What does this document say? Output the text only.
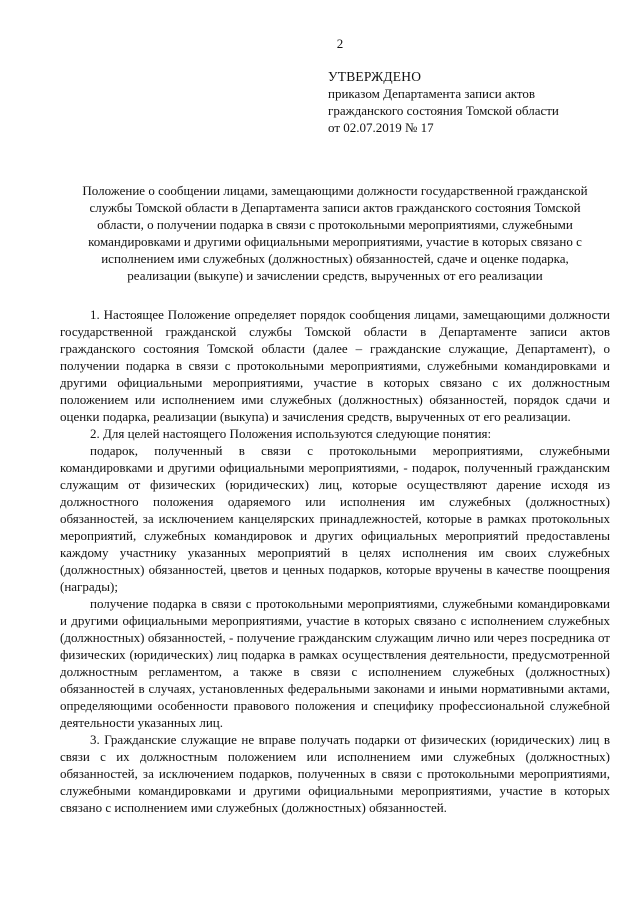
2
УТВЕРЖДЕНО
приказом Департамента записи актов
гражданского состояния Томской области
от 02.07.2019 № 17
Положение о сообщении лицами, замещающими должности государственной гражданской
службы Томской области в Департамента записи актов гражданского состояния Томской
области, о получении подарка в связи с протокольными мероприятиями, служебными
командировками и другими официальными мероприятиями, участие в которых связано с
исполнением ими служебных (должностных) обязанностей, сдаче и оценке подарка,
реализации (выкупе) и зачислении средств, вырученных от его реализации

1. Настоящее Положение определяет порядок сообщения лицами, замещающими должности государственной гражданской службы Томской области в Департаменте записи актов гражданского состояния Томской области (далее – гражданские служащие, Департамент), о получении подарка в связи с протокольными мероприятиями, служебными командировками и другими официальными мероприятиями, участие в которых связано с их должностным положением или исполнением ими служебных (должностных) обязанностей, порядок сдачи и оценки подарка, реализации (выкупа) и зачисления средств, вырученных от его реализации.

2. Для целей настоящего Положения используются следующие понятия:

подарок, полученный в связи с протокольными мероприятиями, служебными командировками и другими официальными мероприятиями, - подарок, полученный гражданским служащим от физических (юридических) лиц, которые осуществляют дарение исходя из должностного положения одаряемого или исполнения им служебных (должностных) обязанностей, за исключением канцелярских принадлежностей, которые в рамках протокольных мероприятий, служебных командировок и других официальных мероприятий предоставлены каждому участнику указанных мероприятий в целях исполнения им своих служебных (должностных) обязанностей, цветов и ценных подарков, которые вручены в качестве поощрения (награды);

получение подарка в связи с протокольными мероприятиями, служебными командировками и другими официальными мероприятиями, участие в которых связано с исполнением служебных (должностных) обязанностей, - получение гражданским служащим лично или через посредника от физических (юридических) лиц подарка в рамках осуществления деятельности, предусмотренной должностным регламентом, а также в связи с исполнением служебных (должностных) обязанностей в случаях, установленных федеральными законами и иными нормативными актами, определяющими особенности правового положения и специфику профессиональной служебной деятельности указанных лиц.

3. Гражданские служащие не вправе получать подарки от физических (юридических) лиц в связи с их должностным положением или исполнением ими служебных (должностных) обязанностей, за исключением подарков, полученных в связи с протокольными мероприятиями, служебными командировками и другими официальными мероприятиями, участие в которых связано с исполнением ими служебных (должностных) обязанностей.
